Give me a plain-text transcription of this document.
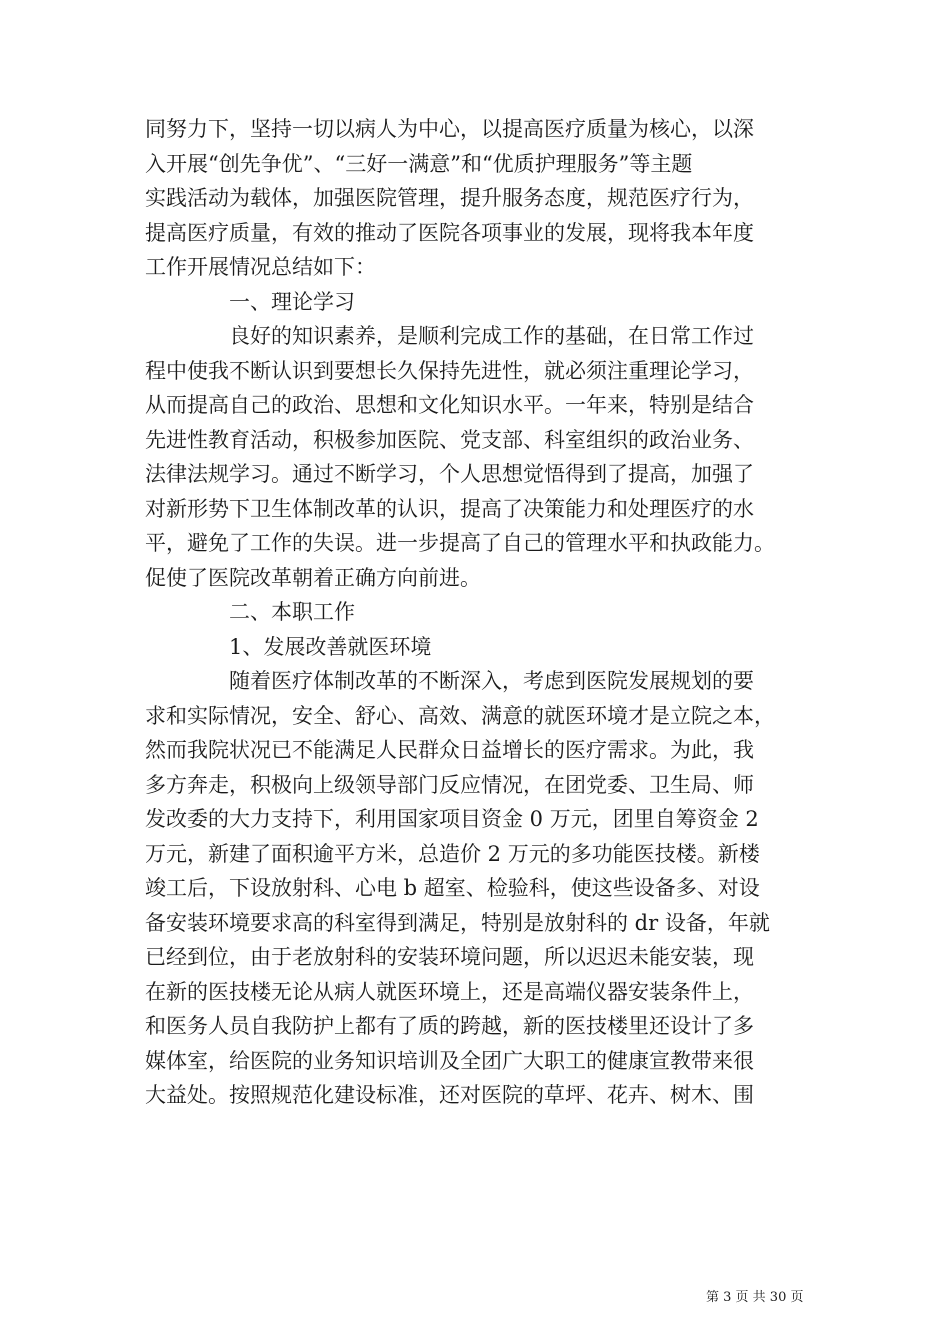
同努力下，坚持一切以病人为中心，以提高医疗质量为核心，以深

入开展“创先争优”、“三好一满意”和“优质护理服务”等主题

实践活动为载体，加强医院管理，提升服务态度，规范医疗行为，

提高医疗质量，有效的推动了医院各项事业的发展，现将我本年度

工作开展情况总结如下：

　　　　一、理论学习

　　　　良好的知识素养，是顺利完成工作的基础，在日常工作过

程中使我不断认识到要想长久保持先进性，就必须注重理论学习，

从而提高自己的政治、思想和文化知识水平。一年来，特别是结合

先进性教育活动，积极参加医院、党支部、科室组织的政治业务、

法律法规学习。通过不断学习，个人思想觉悟得到了提高，加强了

对新形势下卫生体制改革的认识，提高了决策能力和处理医疗的水

平，避免了工作的失误。进一步提高了自己的管理水平和执政能力。

促使了医院改革朝着正确方向前进。

　　　　二、本职工作

　　　　1、发展改善就医环境

　　　　随着医疗体制改革的不断深入，考虑到医院发展规划的要

求和实际情况，安全、舒心、高效、满意的就医环境才是立院之本，

然而我院状况已不能满足人民群众日益增长的医疗需求。为此，我

多方奔走，积极向上级领导部门反应情况，在团党委、卫生局、师

发改委的大力支持下，利用国家项目资金 0 万元，团里自筹资金 2

万元，新建了面积逾平方米，总造价 2 万元的多功能医技楼。新楼

竣工后，下设放射科、心电 b 超室、检验科，使这些设备多、对设

备安装环境要求高的科室得到满足，特别是放射科的 dr 设备，年就

已经到位，由于老放射科的安装环境问题，所以迟迟未能安装，现

在新的医技楼无论从病人就医环境上，还是高端仪器安装条件上，

和医务人员自我防护上都有了质的跨越，新的医技楼里还设计了多

媒体室，给医院的业务知识培训及全团广大职工的健康宣教带来很

大益处。按照规范化建设标准，还对医院的草坪、花卉、树木、围

第 3 页 共 30 页
